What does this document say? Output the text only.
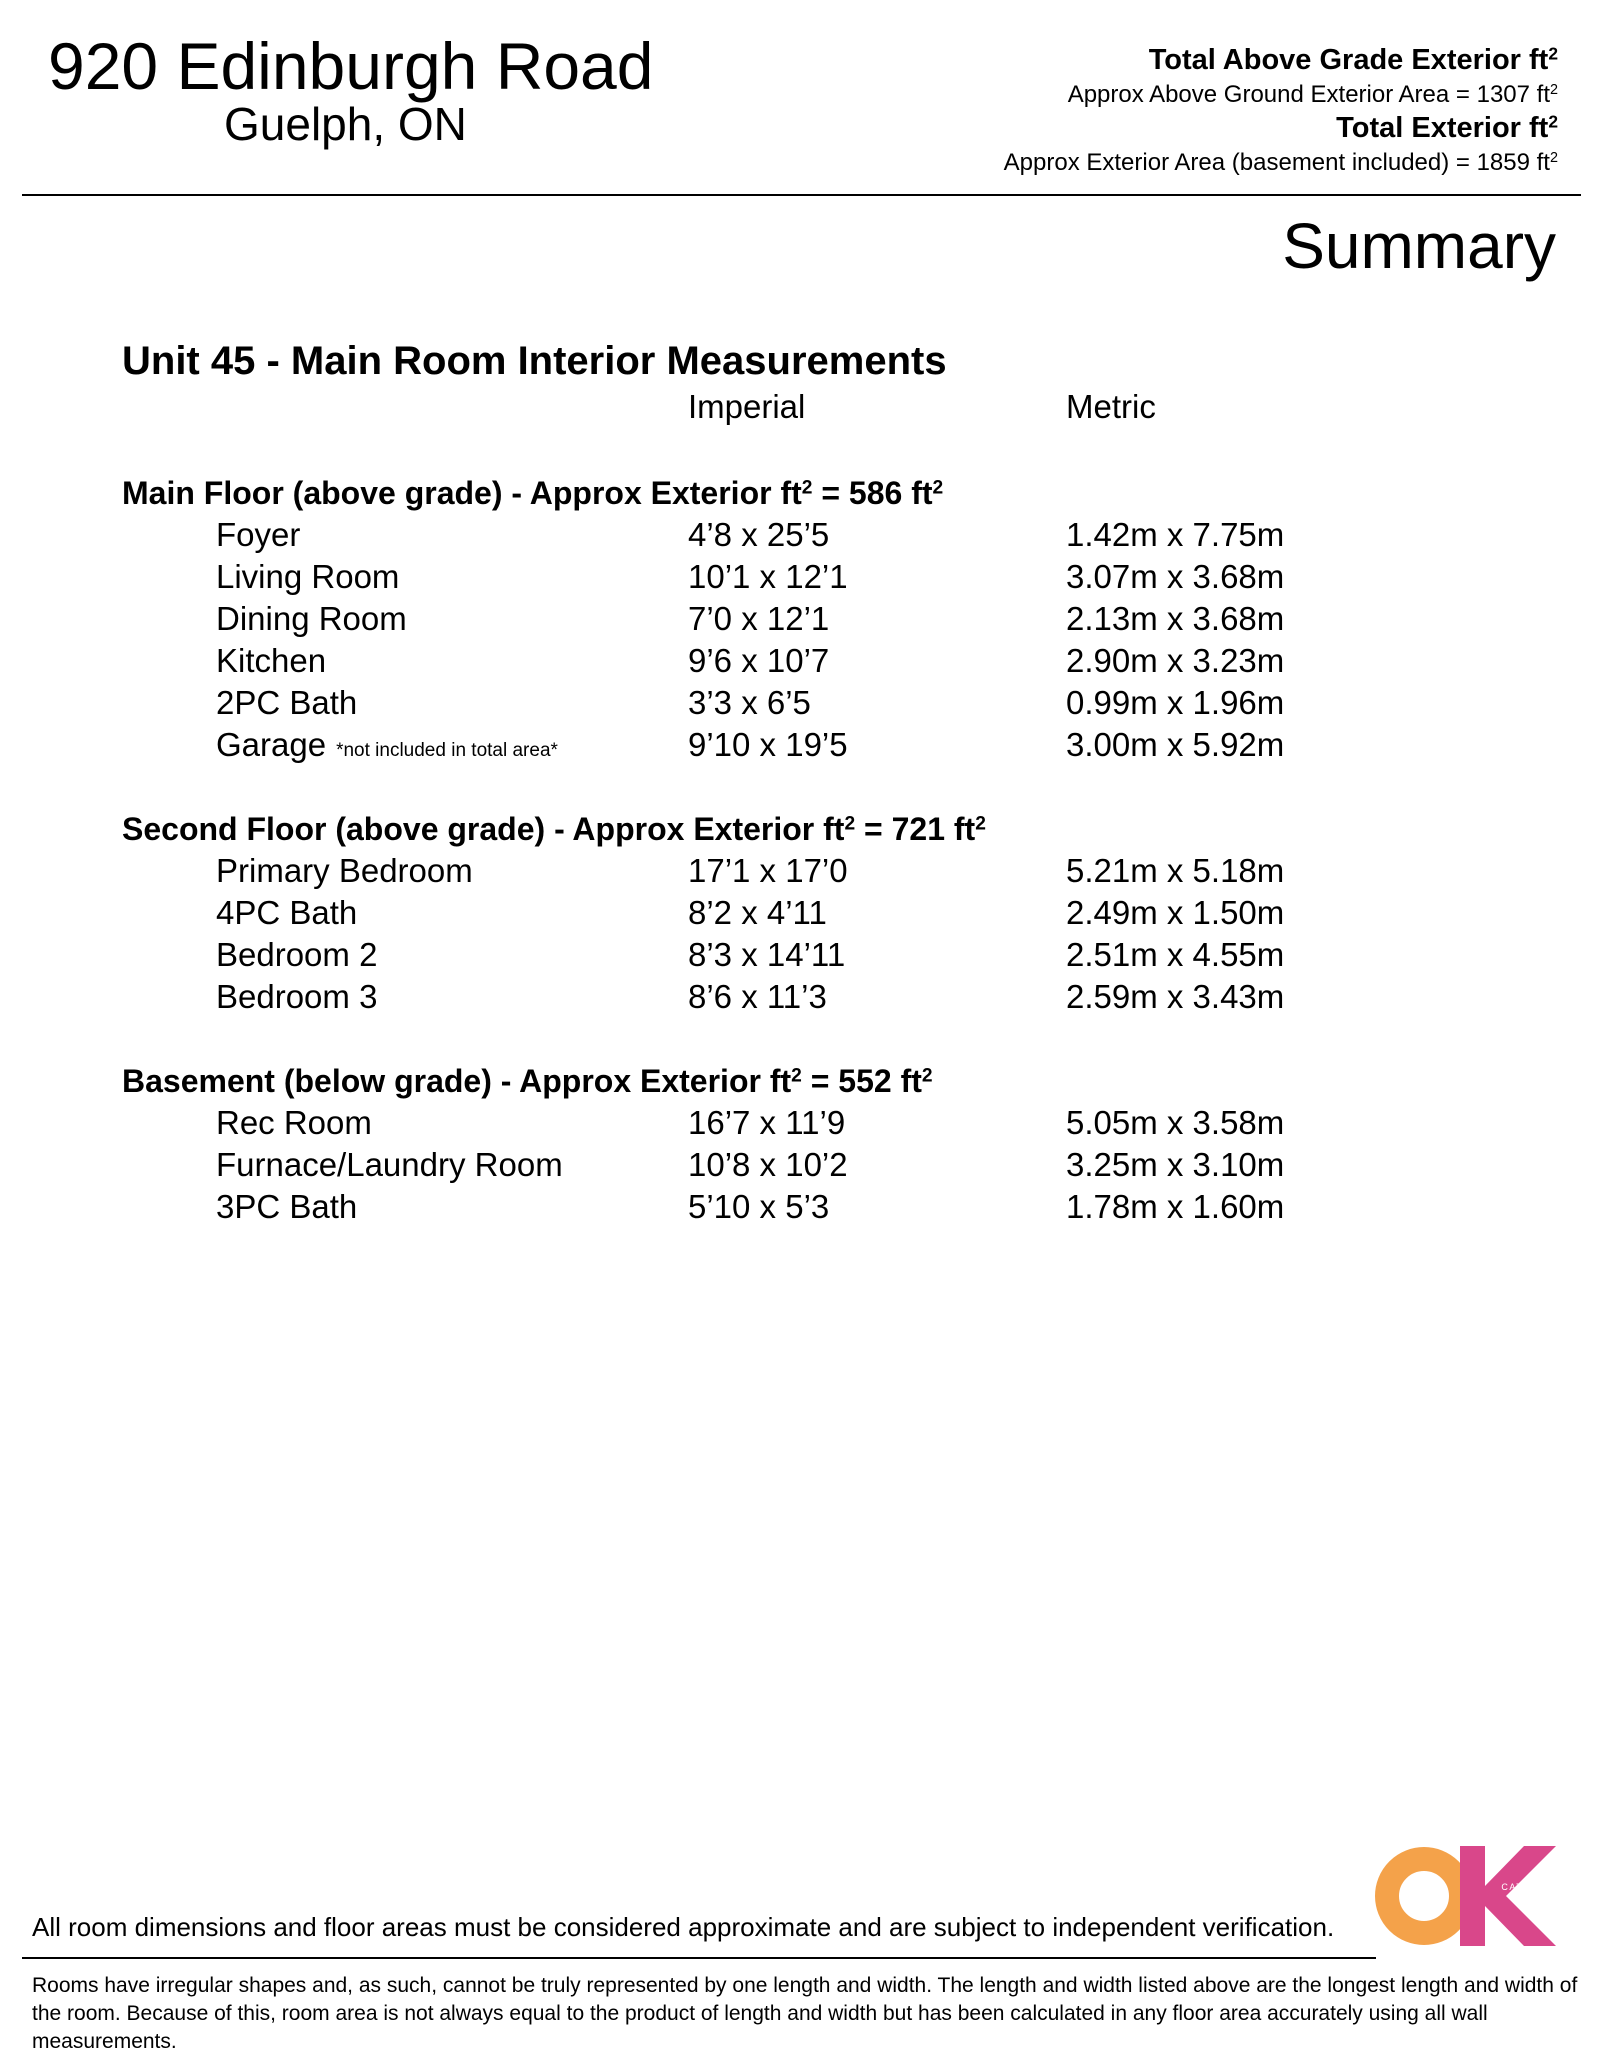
920 Edinburgh Road
Guelph, ON
Total Above Grade Exterior $ft^2$
Approx Above Ground Exterior Area = 1307 $ft^2$
Total Exterior $ft^2$
Approx Exterior Area (basement included) = 1859 $ft^2$
Summary
Unit 45 - Main Room Interior Measurements
Imperial	Metric
Main Floor (above grade) - Approx Exterior $ft^2 = 586$ $ft^2$
Foyer	4’8 x 25’5	1.42m x 7.75m
Living Room	10’1 x 12’1	3.07m x 3.68m
Dining Room	7’0 x 12’1	2.13m x 3.68m
Kitchen	9’6 x 10’7	2.90m x 3.23m
2PC Bath	3’3 x 6’5	0.99m x 1.96m
Garage *not included in total area*	9’10 x 19’5	3.00m x 5.92m
Second Floor (above grade) - Approx Exterior $ft^2 = 721$ $ft^2$
Primary Bedroom	17’1 x 17’0	5.21m x 5.18m
4PC Bath	8’2 x 4’11	2.49m x 1.50m
Bedroom 2	8’3 x 14’11	2.51m x 4.55m
Bedroom 3	8’6 x 11’3	2.59m x 3.43m
Basement (below grade) - Approx Exterior $ft^2 = 552$ $ft^2$
Rec Room	16’7 x 11’9	5.05m x 3.58m
Furnace/Laundry Room	10’8 x 10’2	3.25m x 3.10m
3PC Bath	5’10 x 5’3	1.78m x 1.60m
All room dimensions and floor areas must be considered approximate and are subject to independent verification.
Rooms have irregular shapes and, as such, cannot be truly represented by one length and width. The length and width listed above are the longest length and width of the room. Because of this, room area is not always equal to the product of length and width but has been calculated in any floor area accurately using all wall measurements.
CATHY KOOP
PHOTOGRAPHY
